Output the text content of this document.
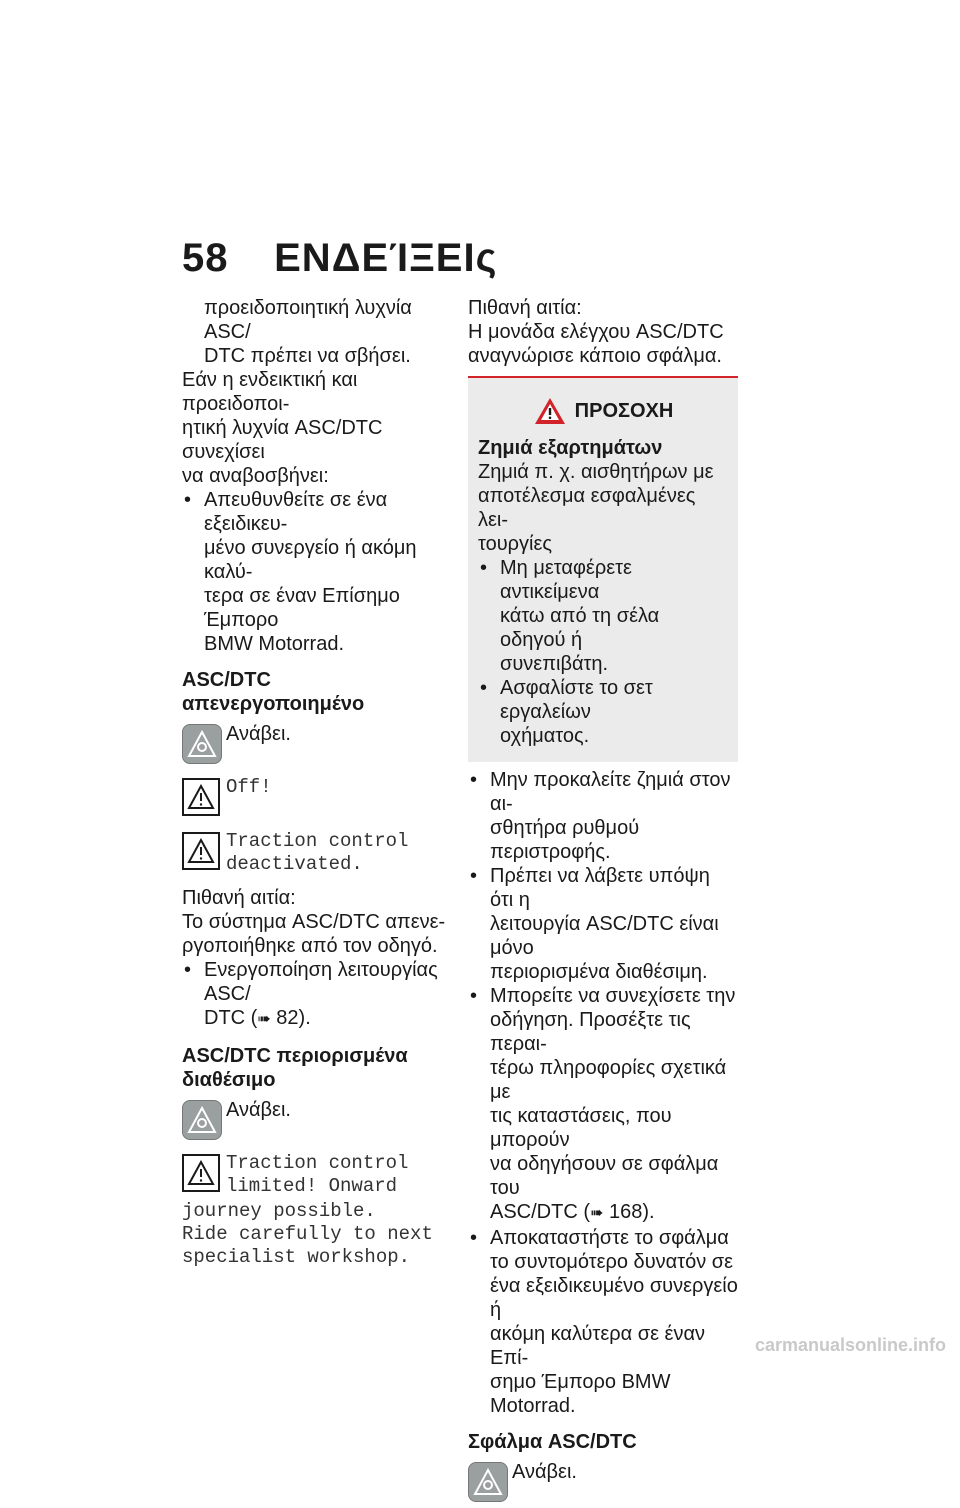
58 ΕΝΔΕΊΞΕΙς

προειδοποιητική λυχνία ASC/

DTC πρέπει να σβήσει.

Εάν η ενδεικτική και προειδοποι-

ητική λυχνία ASC/DTC συνεχίσει

να αναβοσβήνει:

• Απευθυνθείτε σε ένα εξειδικευ-

μένο συνεργείο ή ακόμη καλύ-

τερα σε έναν Επίσημο Έμπορο

BMW Motorrad.

ASC/DTC απενεργοποιημένο

Ανάβει.
Off!
Traction control
deactivated.

Πιθανή αιτία:

Το σύστημα ASC/DTC απενε-

ργοποιήθηκε από τον οδηγό.

• Ενεργοποίηση λειτουργίας ASC/

DTC (➠ 82).

ASC/DTC περιορισμένα

διαθέσιμο

Ανάβει.
Traction control
limited! Onward
journey possible.
Ride carefully to next
specialist workshop.

Πιθανή αιτία:

Η μονάδα ελέγχου ASC/DTC

αναγνώρισε κάποιο σφάλμα.

ΠΡΟΣΟΧΗ

Ζημιά εξαρτημάτων

Ζημιά π. χ. αισθητήρων με

αποτέλεσμα εσφαλμένες λει-

τουργίες

• Μη μεταφέρετε αντικείμενα

κάτω από τη σέλα οδηγού ή

συνεπιβάτη.

• Ασφαλίστε το σετ εργαλείων

οχήματος.

• Μην προκαλείτε ζημιά στον αι-

σθητήρα ρυθμού περιστροφής.

• Πρέπει να λάβετε υπόψη ότι η

λειτουργία ASC/DTC είναι μόνο

περιορισμένα διαθέσιμη.

• Μπορείτε να συνεχίσετε την

οδήγηση. Προσέξτε τις περαι-

τέρω πληροφορίες σχετικά με

τις καταστάσεις, που μπορούν

να οδηγήσουν σε σφάλμα του

ASC/DTC (➠ 168).

• Αποκαταστήστε το σφάλμα

το συντομότερο δυνατόν σε

ένα εξειδικευμένο συνεργείο ή

ακόμη καλύτερα σε έναν Επί-

σημο Έμπορο BMW Motorrad.

Σφάλμα ASC/DTC

Ανάβει.
carmanualsonline.info
